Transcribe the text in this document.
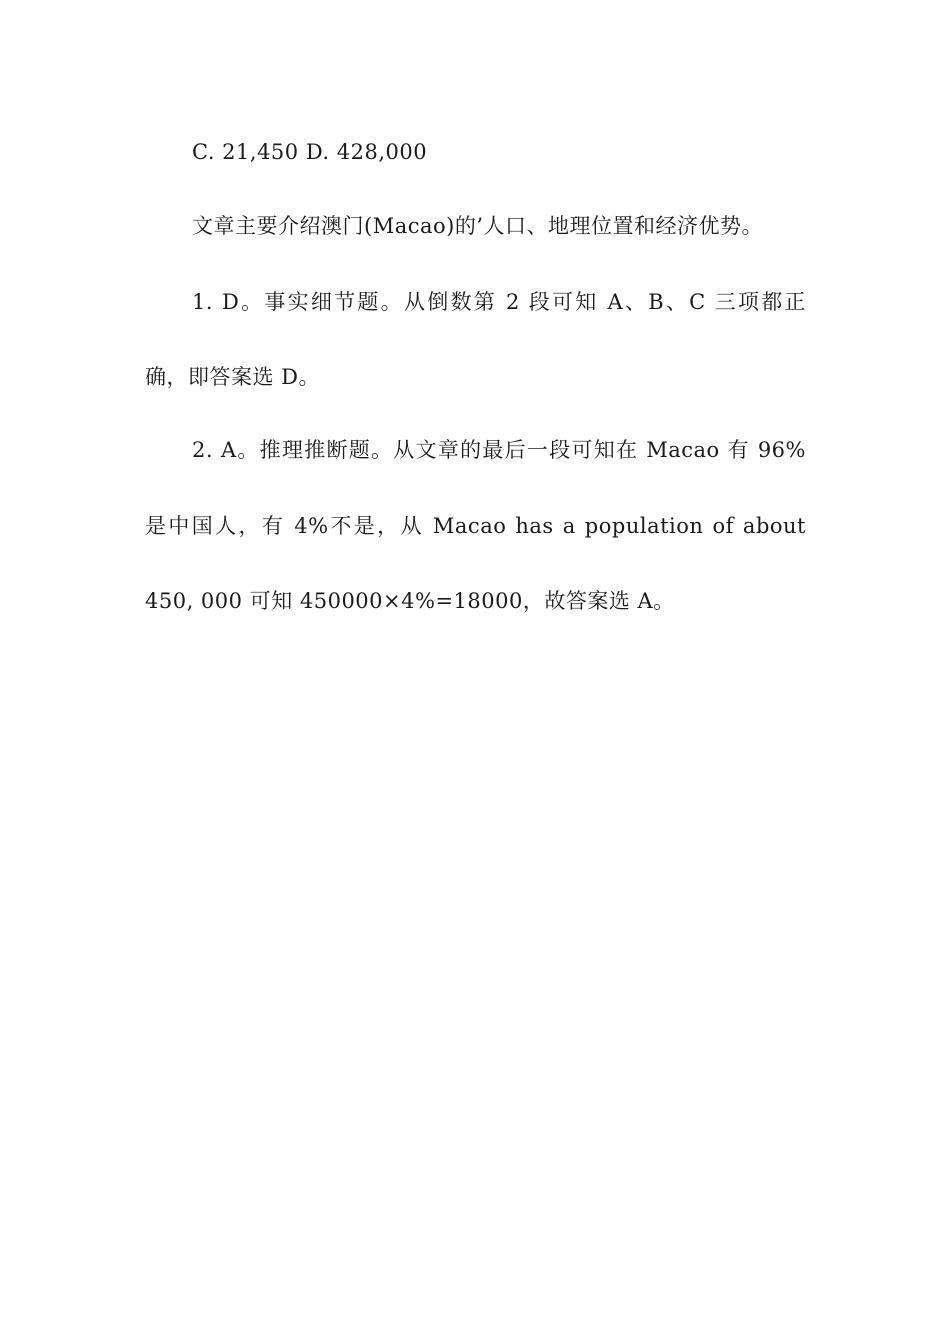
C. 21,450 D. 428,000
文章主要介绍澳门(Macao)的’人口、地理位置和经济优势。
1. D。事实细节题。从倒数第 2 段可知 A、B、C 三项都正
确，即答案选 D。
2. A。推理推断题。从文章的最后一段可知在 Macao 有 96%
是中国人，有 4%不是，从 Macao has a population of about
450, 000 可知 450000×4%=18000，故答案选 A。
